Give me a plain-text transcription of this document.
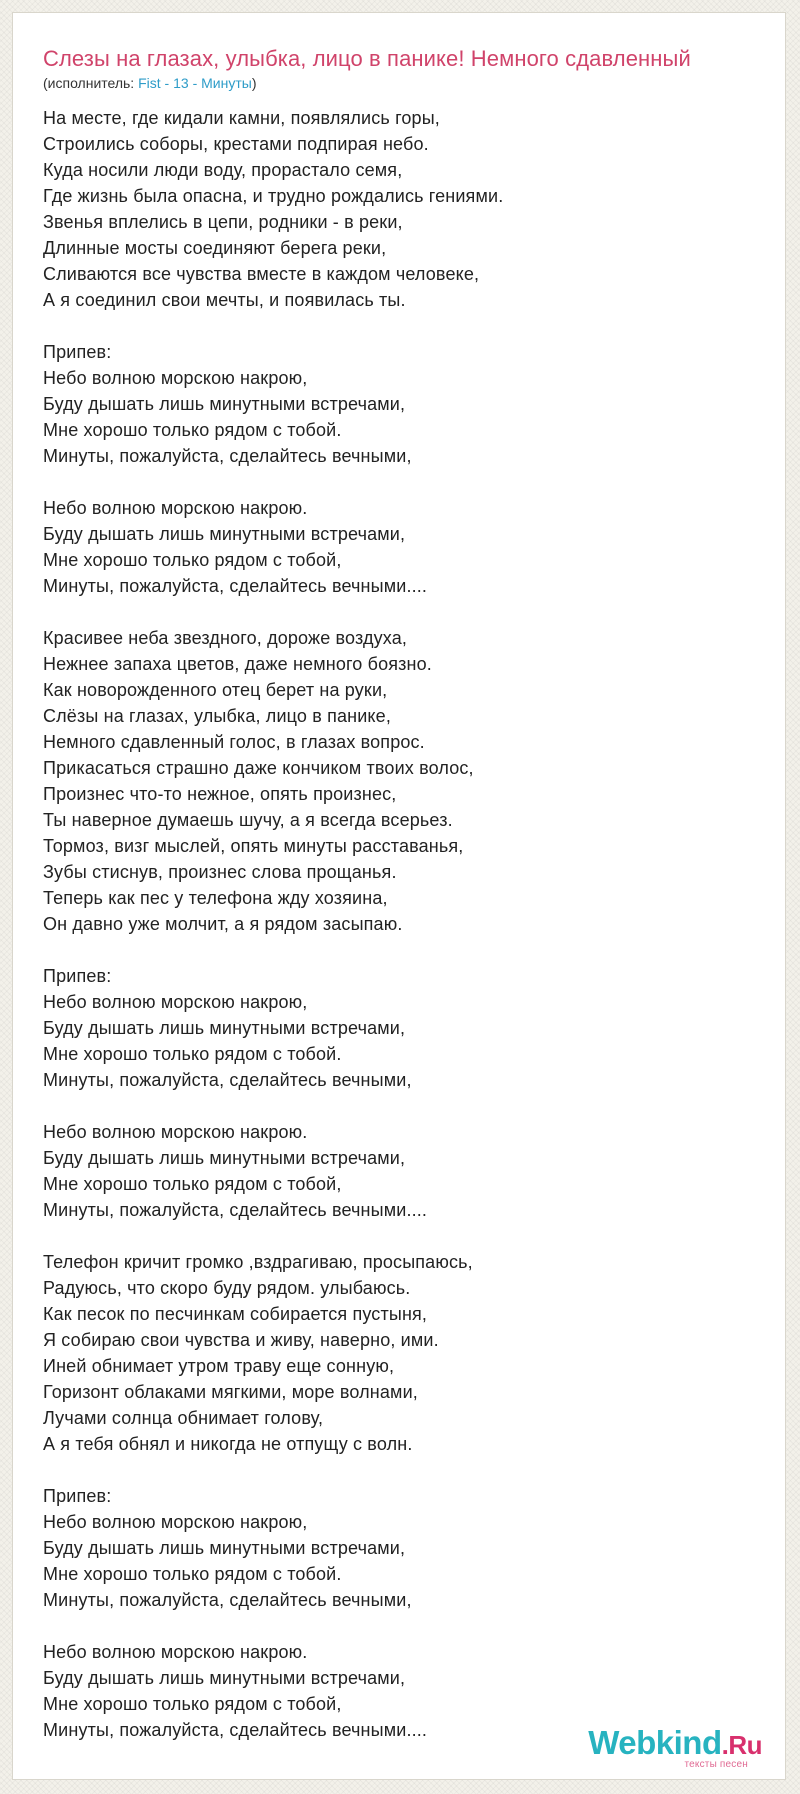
Слезы на глазах, улыбка, лицо в панике! Немного сдавленный
(исполнитель: Fist - 13 - Минуты)
На месте, где кидали камни, появлялись горы,
Строились соборы, крестами подпирая небо.
Куда носили люди воду, прорастало семя,
Где жизнь была опасна, и трудно рождались гениями.
Звенья вплелись в цепи, родники - в реки,
Длинные мосты соединяют берега реки,
Сливаются все чувства вместе в каждом человеке,
А я соединил свои мечты, и появилась ты.
Припев:
Небо волною морскою накрою,
Буду дышать лишь минутными встречами,
Мне хорошо только рядом с тобой.
Минуты, пожалуйста, сделайтесь вечными,
Небо волною морскою накрою.
Буду дышать лишь минутными встречами,
Мне хорошо только рядом с тобой,
Минуты, пожалуйста, сделайтесь вечными....
Красивее неба звездного, дороже воздуха,
Нежнее запаха цветов, даже немного боязно.
Как новорожденного отец берет на руки,
Слёзы на глазах, улыбка, лицо в панике,
Немного сдавленный голос, в глазах вопрос.
Прикасаться страшно даже кончиком твоих волос,
Произнес что-то нежное, опять произнес,
Ты наверное думаешь шучу, а я всегда всерьез.
Тормоз, визг мыслей, опять минуты расставанья,
Зубы стиснув, произнес слова прощанья.
Теперь как пес у телефона жду хозяина,
Он давно уже молчит, а я рядом засыпаю.
Припев:
Небо волною морскою накрою,
Буду дышать лишь минутными встречами,
Мне хорошо только рядом с тобой.
Минуты, пожалуйста, сделайтесь вечными,
Небо волною морскою накрою.
Буду дышать лишь минутными встречами,
Мне хорошо только рядом с тобой,
Минуты, пожалуйста, сделайтесь вечными....
Телефон кричит громко ,вздрагиваю, просыпаюсь,
Радуюсь, что скоро буду рядом. улыбаюсь.
Как песок по песчинкам собирается пустыня,
Я собираю свои чувства и живу, наверно, ими.
Иней обнимает утром траву еще сонную,
Горизонт облаками мягкими, море волнами,
Лучами солнца обнимает голову,
А я тебя обнял и никогда не отпущу с волн.
Припев:
Небо волною морскою накрою,
Буду дышать лишь минутными встречами,
Мне хорошо только рядом с тобой.
Минуты, пожалуйста, сделайтесь вечными,
Небо волною морскою накрою.
Буду дышать лишь минутными встречами,
Мне хорошо только рядом с тобой,
Минуты, пожалуйста, сделайтесь вечными....	Webkind.Ru
тексты песен
